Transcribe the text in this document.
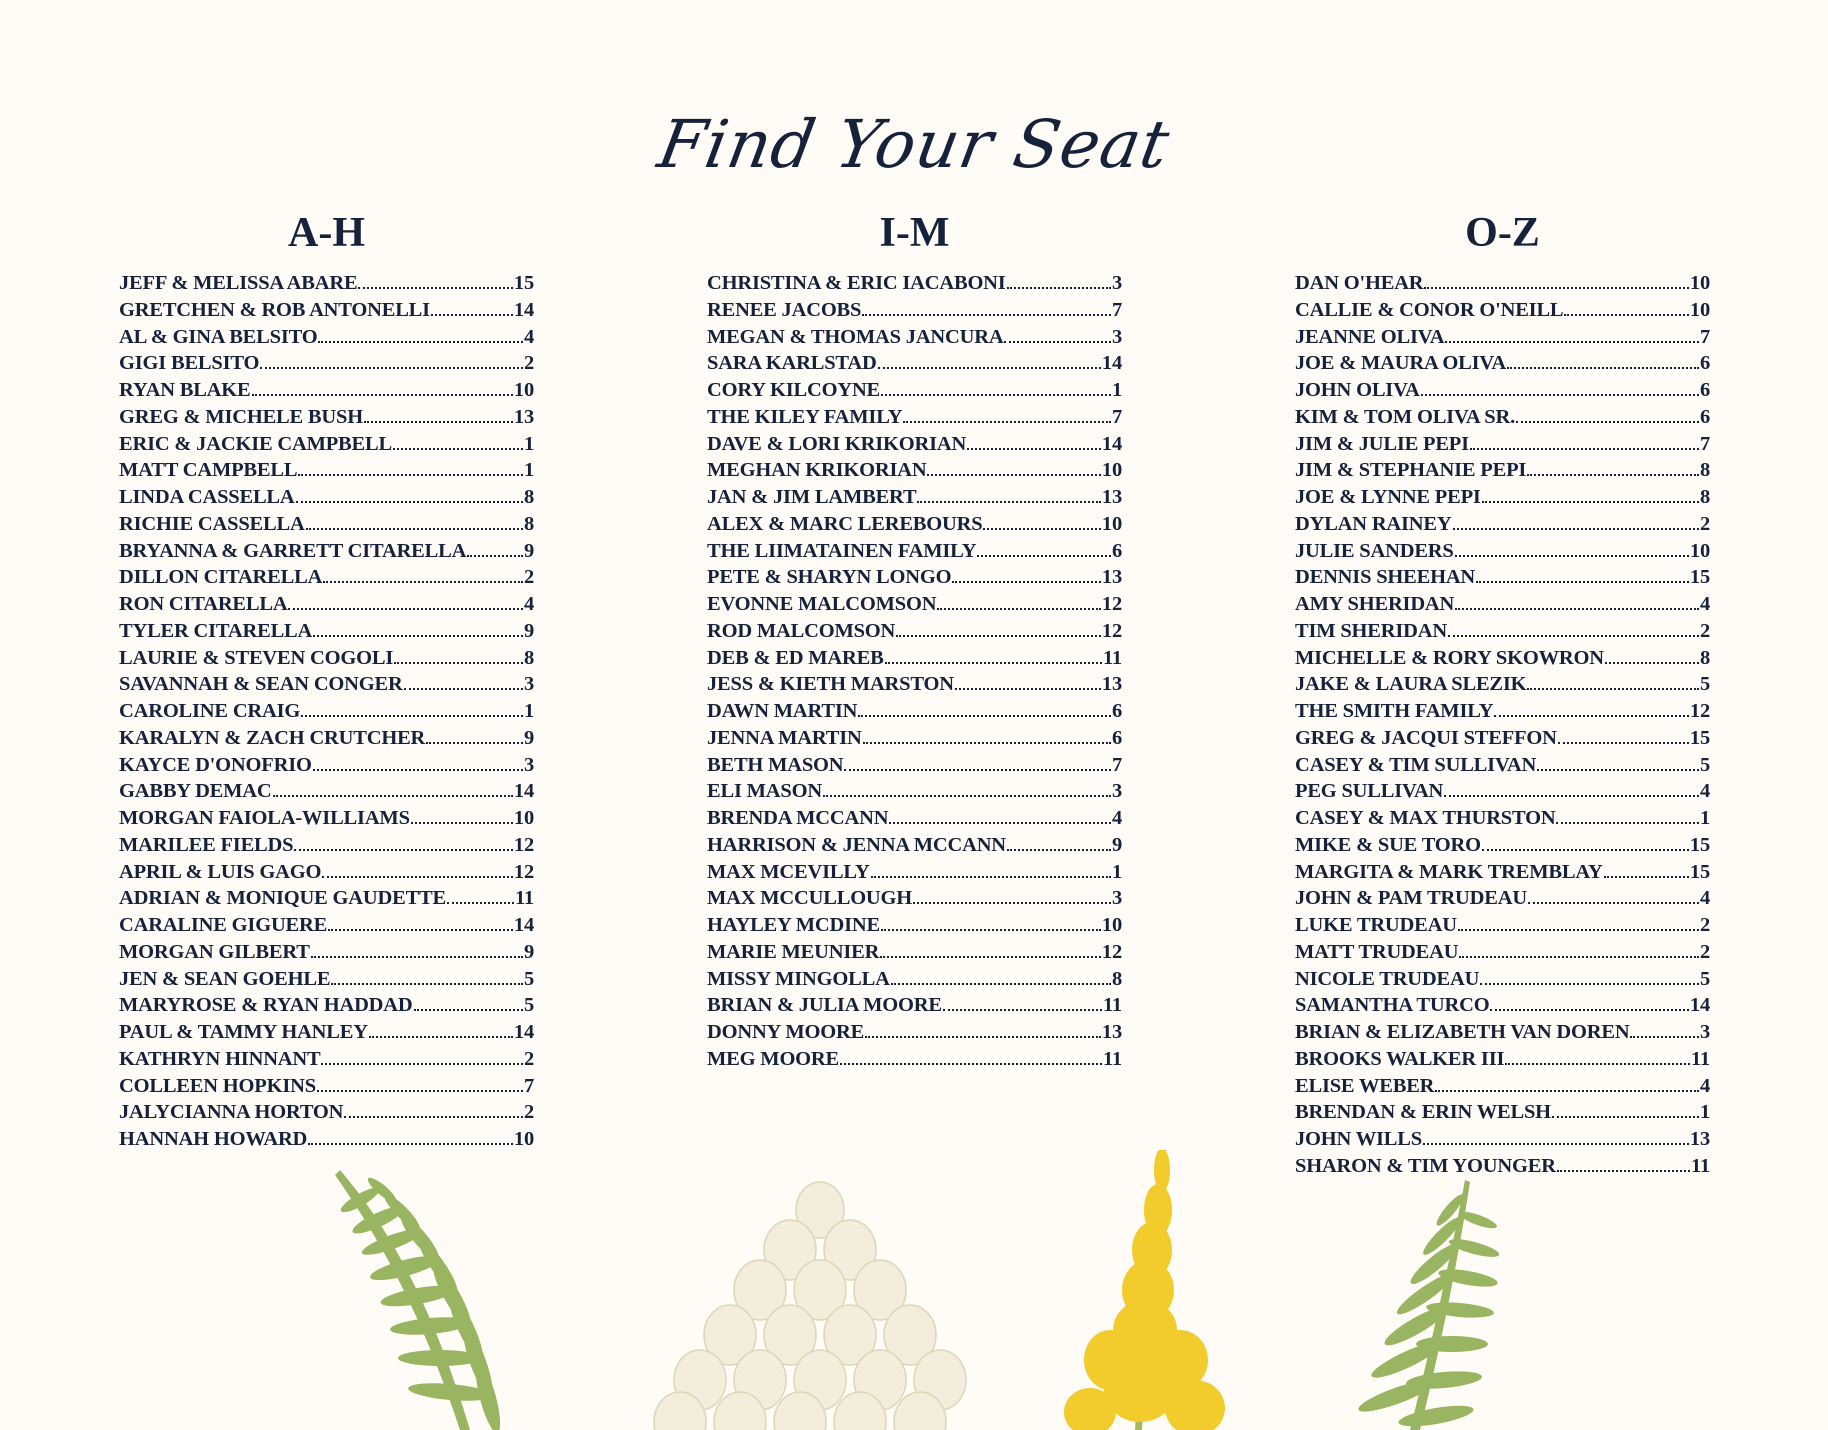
Find Your Seat
A-H
JEFF & MELISSA ABARE	15
GRETCHEN & ROB ANTONELLI	14
AL & GINA BELSITO	4
GIGI BELSITO	2
RYAN BLAKE	10
GREG & MICHELE BUSH	13
ERIC & JACKIE CAMPBELL	1
MATT CAMPBELL	1
LINDA CASSELLA	8
RICHIE CASSELLA	8
BRYANNA & GARRETT CITARELLA	9
DILLON CITARELLA	2
RON CITARELLA	4
TYLER CITARELLA	9
LAURIE & STEVEN COGOLI	8
SAVANNAH & SEAN CONGER	3
CAROLINE CRAIG	1
KARALYN & ZACH CRUTCHER	9
KAYCE D'ONOFRIO	3
GABBY DEMAC	14
MORGAN FAIOLA-WILLIAMS	10
MARILEE FIELDS	12
APRIL & LUIS GAGO	12
ADRIAN & MONIQUE GAUDETTE	11
CARALINE GIGUERE	14
MORGAN GILBERT	9
JEN & SEAN GOEHLE	5
MARYROSE & RYAN HADDAD	5
PAUL & TAMMY HANLEY	14
KATHRYN HINNANT	2
COLLEEN HOPKINS	7
JALYCIANNA HORTON	2
HANNAH HOWARD	10
I-M
CHRISTINA & ERIC IACABONI	3
RENEE JACOBS	7
MEGAN & THOMAS JANCURA	3
SARA KARLSTAD	14
CORY KILCOYNE	1
THE KILEY FAMILY	7
DAVE & LORI KRIKORIAN	14
MEGHAN KRIKORIAN	10
JAN & JIM LAMBERT	13
ALEX & MARC LEREBOURS	10
THE LIIMATAINEN FAMILY	6
PETE & SHARYN LONGO	13
EVONNE MALCOMSON	12
ROD MALCOMSON	12
DEB & ED MAREB	11
JESS & KIETH MARSTON	13
DAWN MARTIN	6
JENNA MARTIN	6
BETH MASON	7
ELI MASON	3
BRENDA MCCANN	4
HARRISON & JENNA MCCANN	9
MAX MCEVILLY	1
MAX MCCULLOUGH	3
HAYLEY MCDINE	10
MARIE MEUNIER	12
MISSY MINGOLLA	8
BRIAN & JULIA MOORE	11
DONNY MOORE	13
MEG MOORE	11
O-Z
DAN O'HEAR	10
CALLIE & CONOR O'NEILL	10
JEANNE OLIVA	7
JOE & MAURA OLIVA	6
JOHN OLIVA	6
KIM & TOM OLIVA SR.	6
JIM & JULIE PEPI	7
JIM & STEPHANIE PEPI	8
JOE & LYNNE PEPI	8
DYLAN RAINEY	2
JULIE SANDERS	10
DENNIS SHEEHAN	15
AMY SHERIDAN	4
TIM SHERIDAN	2
MICHELLE & RORY SKOWRON	8
JAKE & LAURA SLEZIK	5
THE SMITH FAMILY	12
GREG & JACQUI STEFFON	15
CASEY & TIM SULLIVAN	5
PEG SULLIVAN	4
CASEY & MAX THURSTON	1
MIKE & SUE TORO	15
MARGITA & MARK TREMBLAY	15
JOHN & PAM TRUDEAU	4
LUKE TRUDEAU	2
MATT TRUDEAU	2
NICOLE TRUDEAU	5
SAMANTHA TURCO	14
BRIAN & ELIZABETH VAN DOREN	3
BROOKS WALKER III	11
ELISE WEBER	4
BRENDAN & ERIN WELSH	1
JOHN WILLS	13
SHARON & TIM YOUNGER	11
